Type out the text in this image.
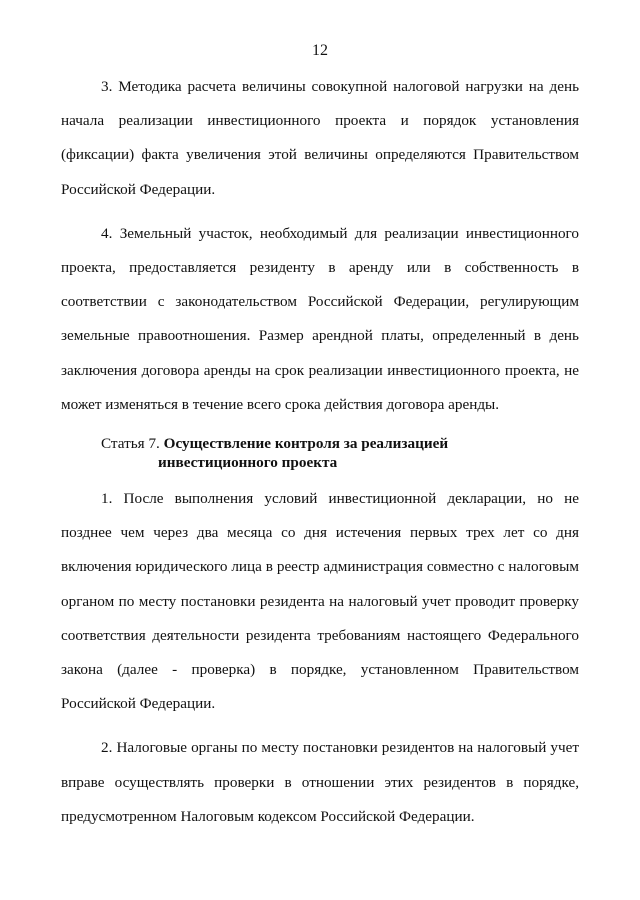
12

3. Методика расчета величины совокупной налоговой нагрузки на день начала реализации инвестиционного проекта и порядок установления (фиксации) факта увеличения этой величины определяются Правительством Российской Федерации.

4. Земельный участок, необходимый для реализации инвестиционного проекта, предоставляется резиденту в аренду или в собственность в соответствии с законодательством Российской Федерации, регулирующим земельные правоотношения. Размер арендной платы, определенный в день заключения договора аренды на срок реализации инвестиционного проекта, не может изменяться в течение всего срока действия договора аренды.

Статья 7. Осуществление контроля за реализацией
инвестиционного проекта

1. После выполнения условий инвестиционной декларации, но не позднее чем через два месяца со дня истечения первых трех лет со дня включения юридического лица в реестр администрация совместно с налоговым органом по месту постановки резидента на налоговый учет проводит проверку соответствия деятельности резидента требованиям настоящего Федерального закона (далее - проверка) в порядке, установленном Правительством Российской Федерации.

2. Налоговые органы по месту постановки резидентов на налоговый учет вправе осуществлять проверки в отношении этих резидентов в порядке, предусмотренном Налоговым кодексом Российской Федерации.
